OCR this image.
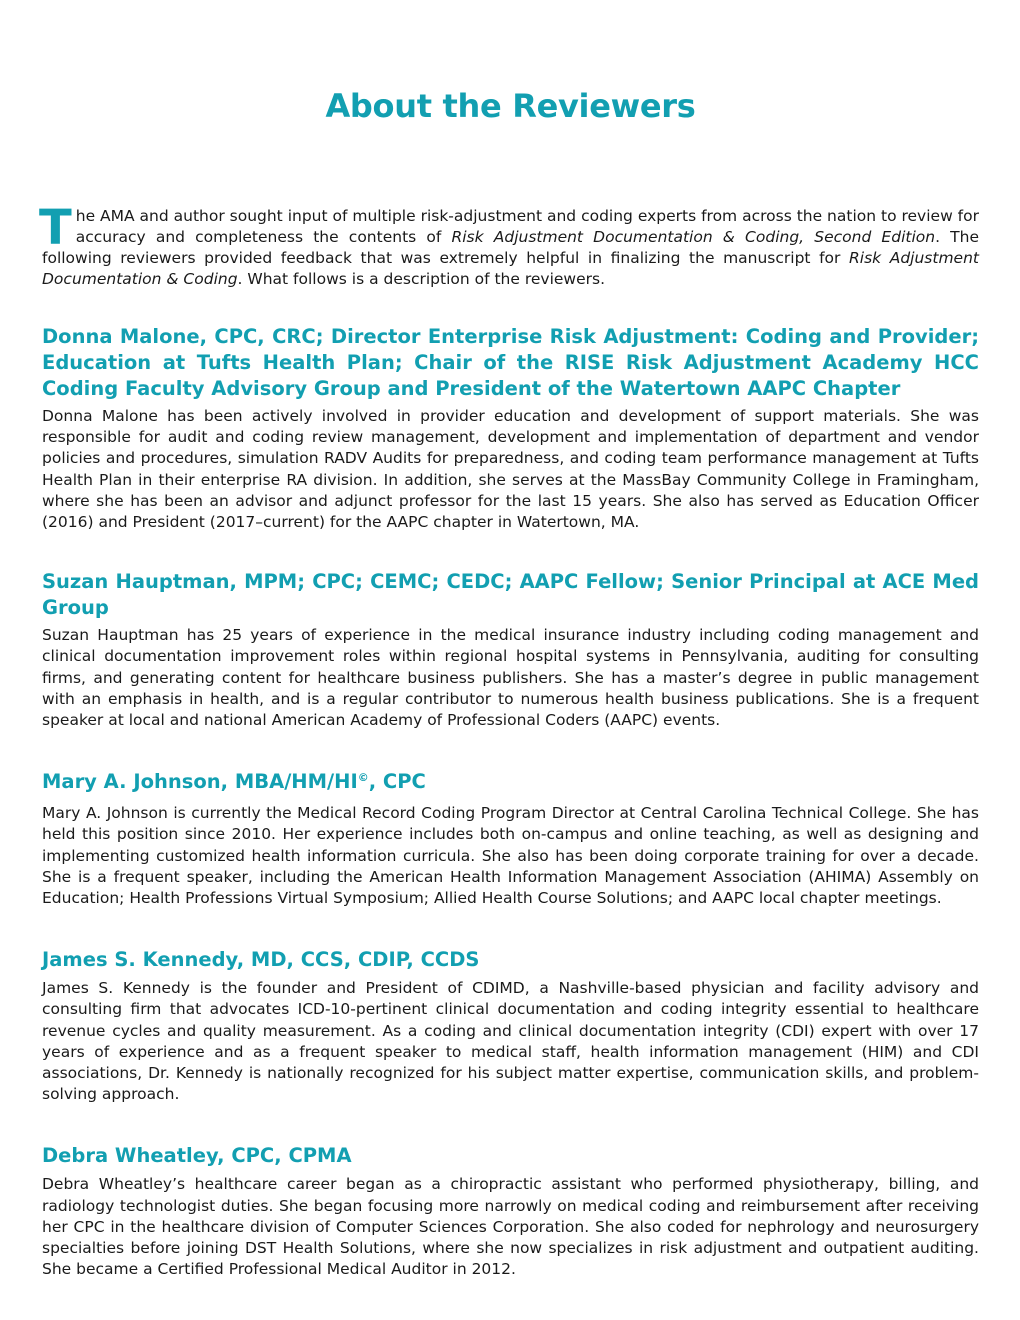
About the Reviewers
The AMA and author sought input of multiple risk-adjustment and coding experts from across the nation to review for accuracy and completeness the contents of Risk Adjustment Documentation & Coding, Second Edition. The following reviewers provided feedback that was extremely helpful in finalizing the manuscript for Risk Adjustment Documentation & Coding. What follows is a description of the reviewers.
Donna Malone, CPC, CRC; Director Enterprise Risk Adjustment: Coding and Provider; Education at Tufts Health Plan; Chair of the RISE Risk Adjustment Academy HCC Coding Faculty Advisory Group and President of the Watertown AAPC Chapter

Donna Malone has been actively involved in provider education and development of support materials. She was responsible for audit and coding review management, development and implementation of department and vendor policies and procedures, simulation RADV Audits for preparedness, and coding team performance management at Tufts Health Plan in their enterprise RA division. In addition, she serves at the MassBay Community College in Framingham, where she has been an advisor and adjunct professor for the last 15 years. She also has served as Education Officer (2016) and President (2017–current) for the AAPC chapter in Watertown, MA.

Suzan Hauptman, MPM; CPC; CEMC; CEDC; AAPC Fellow; Senior Principal at ACE Med Group

Suzan Hauptman has 25 years of experience in the medical insurance industry including coding management and clinical documentation improvement roles within regional hospital systems in Pennsylvania, auditing for consulting firms, and generating content for healthcare business publishers. She has a master’s degree in public management with an emphasis in health, and is a regular contributor to numerous health business publications. She is a frequent speaker at local and national American Academy of Professional Coders (AAPC) events.

Mary A. Johnson, MBA/HM/HI©, CPC

Mary A. Johnson is currently the Medical Record Coding Program Director at Central Carolina Technical College. She has held this position since 2010. Her experience includes both on-campus and online teaching, as well as designing and implementing customized health information curricula. She also has been doing corporate training for over a decade. She is a frequent speaker, including the American Health Information Management Association (AHIMA) Assembly on Education; Health Professions Virtual Symposium; Allied Health Course Solutions; and AAPC local chapter meetings.

James S. Kennedy, MD, CCS, CDIP, CCDS

James S. Kennedy is the founder and President of CDIMD, a Nashville-based physician and facility advisory and consulting firm that advocates ICD-10-pertinent clinical documentation and coding integrity essential to healthcare revenue cycles and quality measurement. As a coding and clinical documentation integrity (CDI) expert with over 17 years of experience and as a frequent speaker to medical staff, health information management (HIM) and CDI associations, Dr. Kennedy is nationally recognized for his subject matter expertise, communication skills, and problem-solving approach.

Debra Wheatley, CPC, CPMA

Debra Wheatley’s healthcare career began as a chiropractic assistant who performed physiotherapy, billing, and radiology technologist duties. She began focusing more narrowly on medical coding and reimbursement after receiving her CPC in the healthcare division of Computer Sciences Corporation. She also coded for nephrology and neurosurgery specialties before joining DST Health Solutions, where she now specializes in risk adjustment and outpatient auditing. She became a Certified Professional Medical Auditor in 2012.
